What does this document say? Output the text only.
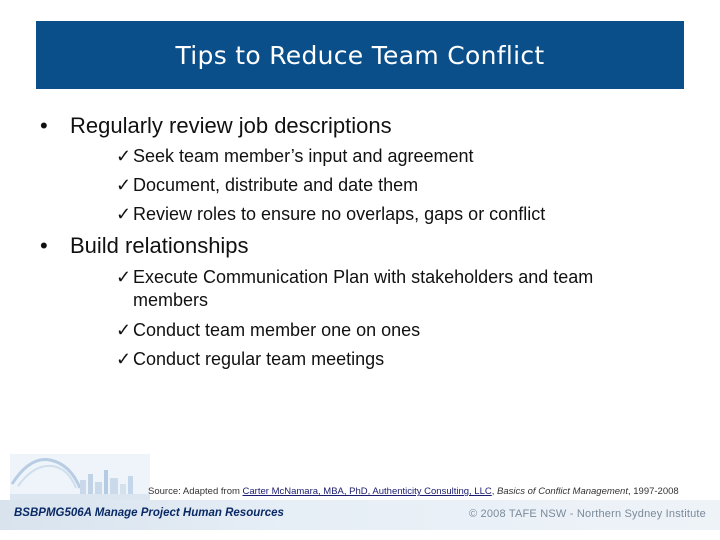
Tips to Reduce Team Conflict
• Regularly review job descriptions
✓ Seek team member’s input and agreement
✓ Document, distribute and date them
✓ Review roles to ensure no overlaps, gaps or conflict
• Build relationships
✓ Execute Communication Plan with stakeholders and team
members
✓ Conduct team member one on ones
✓ Conduct regular team meetings
Source: Adapted from Carter McNamara, MBA, PhD, Authenticity Consulting, LLC, Basics of Conflict Management, 1997-2008
BSBPMG506A Manage Project Human Resources	© 2008 TAFE NSW - Northern Sydney Institute
